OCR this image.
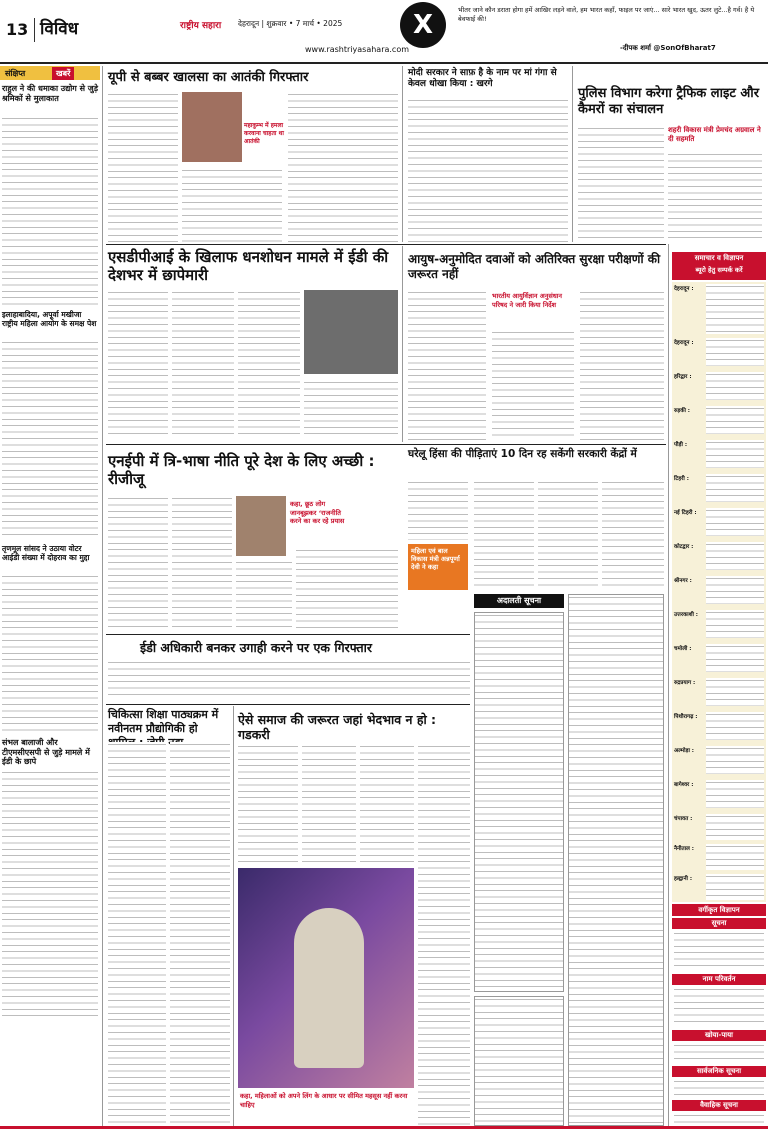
13 विविध	राष्ट्रीय सहारा देहरादून | शुक्रवार • 7 मार्च • 2025
www.rashtriyasahara.com
X	भीतर जाने कौन डराता होगा हमें आखिर लड़ने वाले, हम भारत कहाँ, फाइल पर जाएं... सारे भारत खुद, ऊतर लुटे...है गर्व। है ये बेवफाई की!
-दीपक शर्मा @SonOfBharat7
संक्षिप्त	खबरें
राहुल ने की धमाका उद्योग से जुड़े श्रमिकों से मुलाकात
इलाहाबादिया, अपूर्वा मखीजा राष्ट्रीय महिला आयोग के समक्ष पेश
तृणमूल सांसद ने उठाया वोटर आईडी संख्या में दोहराव का मुद्दा
संभल बालाजी और टीएमसीएसपी से जुड़े मामले में ईडी के छापे
यूपी से बब्बर खालसा का आतंकी गिरफ्तार
महाकुम्भ में हमला करवाना चाहता था आतंकी
मोदी सरकार ने साफ़ है के नाम पर मां गंगा से केवल धोखा किया : खरगे
पुलिस विभाग करेगा ट्रैफिक लाइट और कैमरों का संचालन
शहरी विकास मंत्री प्रेमचंद अग्रवाल ने दी सहमति
एसडीपीआई के खिलाफ धनशोधन मामले में ईडी की देशभर में छापेमारी
आयुष-अनुमोदित दवाओं को अतिरिक्त सुरक्षा परीक्षणों की जरूरत नहीं
भारतीय आयुर्विज्ञान अनुसंधान परिषद ने जारी किया निर्देश
एनईपी में त्रि-भाषा नीति पूरे देश के लिए अच्छी : रीजीजू
कहा, छूठ लोग जानबूझकर ‘राजनीति करने का कर रहे प्रयास
घरेलू हिंसा की पीड़िताएं 10 दिन रह सकेंगी सरकारी केंद्रों में
महिला एवं बाल विकास मंत्री अन्नपूर्णा देवी ने कहा
अदालती सूचना
ईडी अधिकारी बनकर उगाही करने पर एक गिरफ्तार
चिकित्सा शिक्षा पाठ्यक्रम में नवीनतम प्रौद्योगिकी हो
ऐसे समाज की जरूरत जहां भेदभाव न हो : गडकरी
कहा, महिलाओं को अपने लिंग के आधार पर सीमित महसूस नहीं करना चाहिए
समाचार व विज्ञापन
ब्यूरो हेतु सम्पर्क करें
देहरादून :
देहरादून :
हरिद्वार :
रुड़की :
पौड़ी :
टिहरी :
नई टिहरी :
कोटद्वार :
श्रीनगर :
उत्तरकाशी :
चमोली :
रुद्रप्रयाग :
पिथौरागढ़ :
अल्मोड़ा :
बागेश्वर :
चंपावत :
नैनीताल :
हल्द्वानी :
वर्गीकृत विज्ञापन
सूचना
नाम परिवर्तन
खोया-पाया
सार्वजनिक सूचना
वैवाहिक सूचना
